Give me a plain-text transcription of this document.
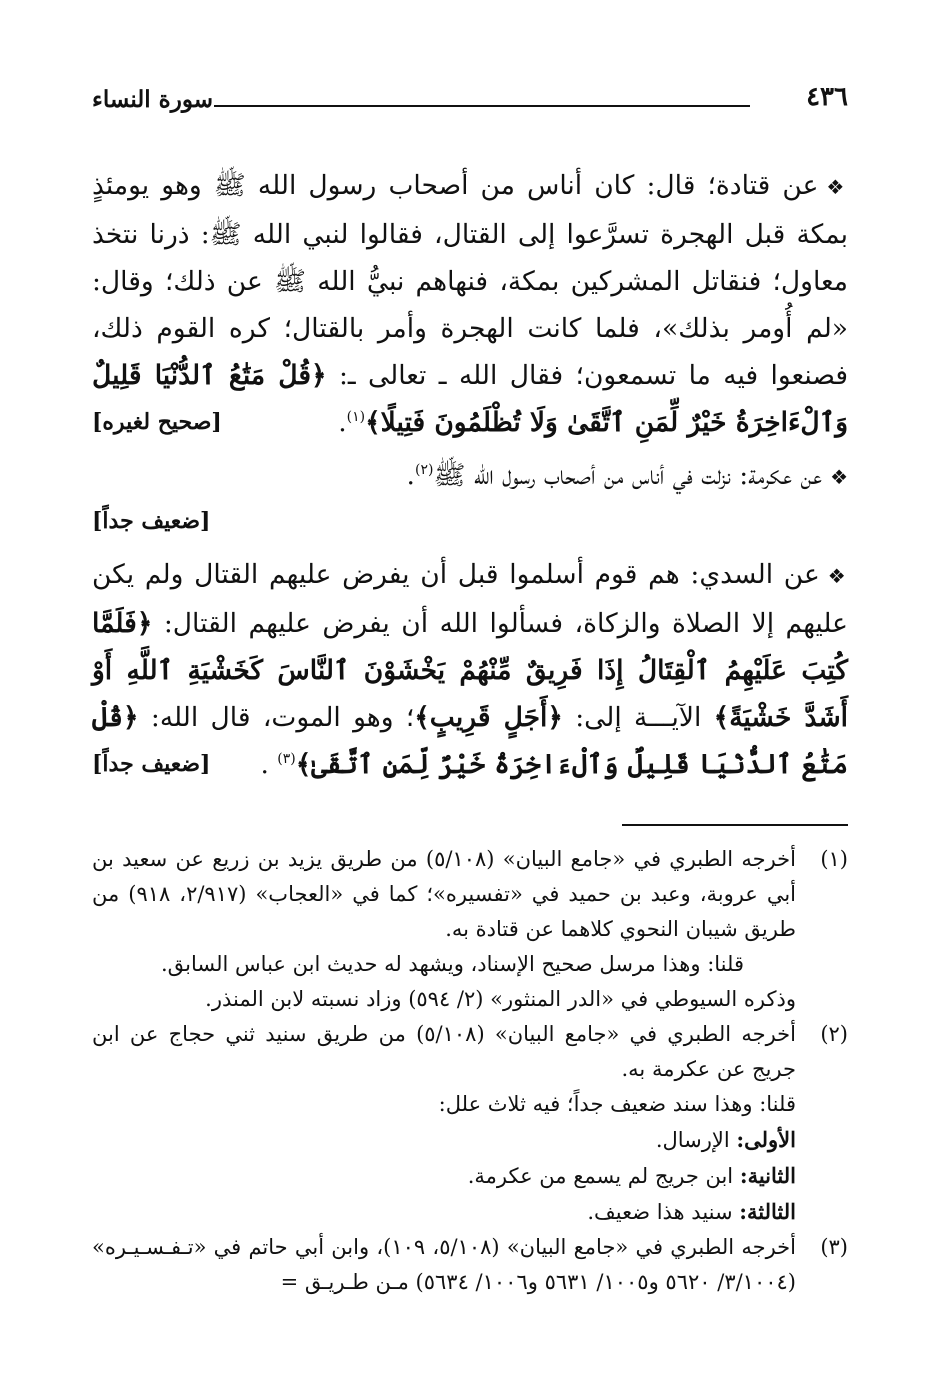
٤٣٦
سورة النساء

❖عن قتادة؛ قال: كان أناس من أصحاب رسول الله ﷺ وهو يومئذٍ بمكة قبل الهجرة تسرَّعوا إلى القتال، فقالوا لنبي الله ﷺ: ذرنا نتخذ معاول؛ فنقاتل المشركين بمكة، فنهاهم نبيُّ الله ﷺ عن ذلك؛ وقال: «لم أُومر بذلك»، فلما كانت الهجرة وأمر بالقتال؛ كره القوم ذلك، فصنعوا فيه ما تسمعون؛ فقال الله ـ تعالى ـ: ﴿قُلْ مَتَٰعُ ٱلدُّنْيَا قَلِيلٌ وَٱلْءَاخِرَةُ خَيْرٌ لِّمَنِ ٱتَّقَىٰ وَلَا تُظْلَمُونَ فَتِيلًا﴾$^{(١)}$.
[صحيح لغيره]

❖عن عكرمة: نزلت في أناس من أصحاب رسول الله ﷺ$^{(٢)}$.

[ضعيف جداً]

❖عن السدي: هم قوم أسلموا قبل أن يفرض عليهم القتال ولم يكن عليهم إلا الصلاة والزكاة، فسألوا الله أن يفرض عليهم القتال: ﴿فَلَمَّا كُتِبَ عَلَيْهِمُ ٱلْقِتَالُ إِذَا فَرِيقٌ مِّنْهُمْ يَخْشَوْنَ ٱلنَّاسَ كَخَشْيَةِ ٱللَّهِ أَوْ أَشَدَّ خَشْيَةً﴾ الآيـــة إلى: ﴿أَجَلٍ قَرِيبٍ﴾؛ وهو الموت، قال الله: ﴿قُلْ مَتَٰعُ ٱلدُّنْيَا قَلِيلٌ وَٱلْءَاخِرَةُ خَيْرٌ لِّمَنِ ٱتَّقَىٰ﴾$^{(٣)}$ .
[ضعيف جداً]

(١)
أخرجه الطبري في «جامع البيان» (٥/١٠٨) من طريق يزيد بن زريع عن سعيد بن أبي عروبة، وعبد بن حميد في «تفسيره»؛ كما في «العجاب» (٢/٩١٧، ٩١٨) من طريق شيبان النحوي كلاهما عن قتادة به.

قلنا: وهذا مرسل صحيح الإسناد، ويشهد له حديث ابن عباس السابق.

وذكره السيوطي في «الدر المنثور» (٢/ ٥٩٤) وزاد نسبته لابن المنذر.

(٢)
أخرجه الطبري في «جامع البيان» (٥/١٠٨) من طريق سنيد ثني حجاج عن ابن جريج عن عكرمة به.

قلنا: وهذا سند ضعيف جداً؛ فيه ثلاث علل:

الأولى: الإرسال.

الثانية: ابن جريج لم يسمع من عكرمة.

الثالثة: سنيد هذا ضعيف.

(٣)
أخرجه الطبري في «جامع البيان» (٥/١٠٨، ١٠٩)، وابن أبي حاتم في «تـفـسـيـره» (٣/١٠٠٤/ ٥٦٢٠ و١٠٠٥/ ٥٦٣١ و١٠٠٦/ ٥٦٣٤) مـن طـريـق =
